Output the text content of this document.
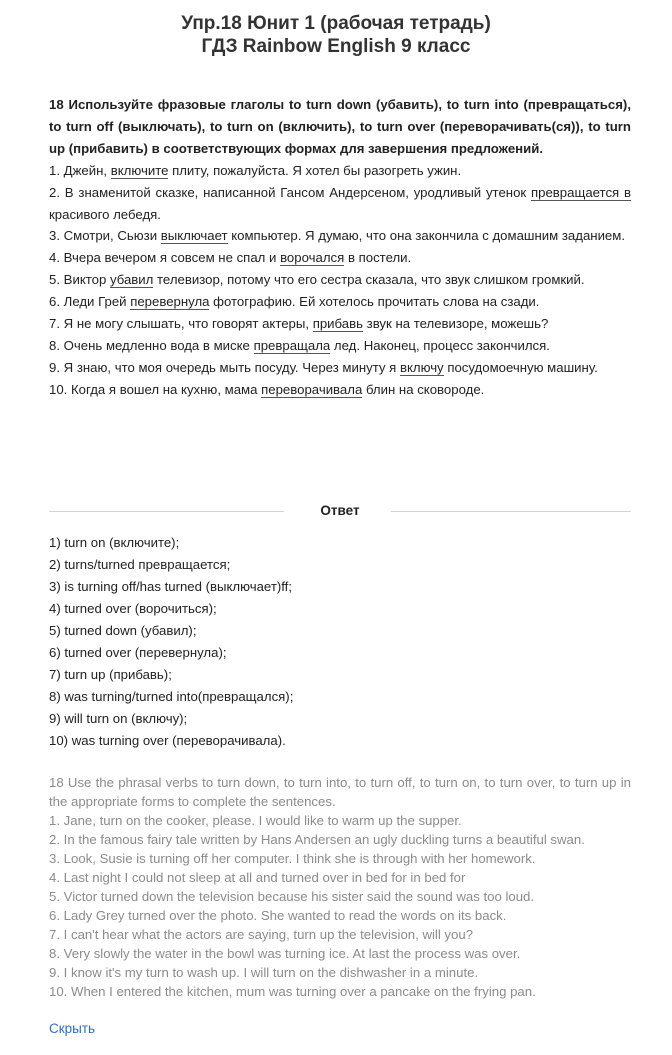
Упр.18 Юнит 1 (рабочая тетрадь)
ГДЗ Rainbow English 9 класс

18 Используйте фразовые глаголы to turn down (убавить), to turn into (превращаться), to turn off (выключать), to turn on (включить), to turn over (переворачивать(ся)), to turn up (прибавить) в соответствующих формах для завершения предложений.

1. Джейн, включите плиту, пожалуйста. Я хотел бы разогреть ужин.

2. В знаменитой сказке, написанной Гансом Андерсеном, уродливый утенок превращается в красивого лебедя.

3. Смотри, Сьюзи выключает компьютер. Я думаю, что она закончила с домашним заданием.

4. Вчера вечером я совсем не спал и ворочался в постели.

5. Виктор убавил телевизор, потому что его сестра сказала, что звук слишком громкий.

6. Леди Грей перевернула фотографию. Ей хотелось прочитать слова на сзади.

7. Я не могу слышать, что говорят актеры, прибавь звук на телевизоре, можешь?

8. Очень медленно вода в миске превращала лед. Наконец, процесс закончился.

9. Я знаю, что моя очередь мыть посуду. Через минуту я включу посудомоечную машину.

10. Когда я вошел на кухню, мама переворачивала блин на сковороде.

Ответ

1) turn on (включите);

2) turns/turned превращается;

3) is turning off/has turned (выключает)ff;

4) turned over (ворочиться);

5) turned down (убавил);

6) turned over (перевернула);

7) turn up (прибавь);

8) was turning/turned into(превращался);

9) will turn on (включу);

10) was turning over (переворачивала).

18 Use the phrasal verbs to turn down, to turn into, to turn off, to turn on, to turn over, to turn up in the appropriate forms to complete the sentences.

1. Jane, turn on the cooker, please. I would like to warm up the supper.

2. In the famous fairy tale written by Hans Andersen an ugly duckling turns a beautiful swan.

3. Look, Susie is turning off her computer. I think she is through with her homework.

4. Last night I could not sleep at all and turned over in bed for in bed for

5. Victor turned down the television because his sister said the sound was too loud.

6. Lady Grey turned over the photo. She wanted to read the words on its back.

7. I can't hear what the actors are saying, turn up the television, will you?

8. Very slowly the water in the bowl was turning ice. At last the process was over.

9. I know it's my turn to wash up. I will turn on the dishwasher in a minute.

10. When I entered the kitchen, mum was turning over a pancake on the frying pan.

Скрыть
